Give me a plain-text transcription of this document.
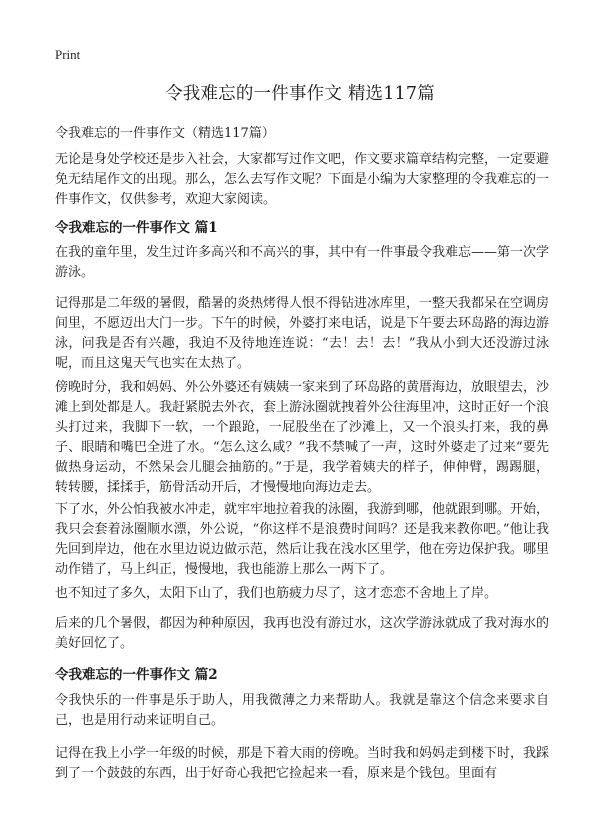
Print
令我难忘的一件事作文 精选117篇
令我难忘的一件事作文（精选117篇）

无论是身处学校还是步入社会，大家都写过作文吧，作文要求篇章结构完整，一定要避免无结尾作文的出现。那么，怎么去写作文呢？下面是小编为大家整理的令我难忘的一件事作文，仅供参考，欢迎大家阅读。

令我难忘的一件事作文 篇1

在我的童年里，发生过许多高兴和不高兴的事，其中有一件事最令我难忘——第一次学游泳。

记得那是二年级的暑假，酷暑的炎热烤得人恨不得钻进冰库里，一整天我都呆在空调房间里，不愿迈出大门一步。下午的时候，外婆打来电话，说是下午要去环岛路的海边游泳，问我是否有兴趣，我迫不及待地连连说：“去！去！去！”我从小到大还没游过泳呢，而且这鬼天气也实在太热了。

傍晚时分，我和妈妈、外公外婆还有姨姨一家来到了环岛路的黄厝海边，放眼望去，沙滩上到处都是人。我赶紧脱去外衣，套上游泳圈就拽着外公往海里冲，这时正好一个浪头打过来，我脚下一软，一个踉跄，一屁股坐在了沙滩上，又一个浪头打来，我的鼻子、眼睛和嘴巴全进了水。“怎么这么咸？”我不禁喊了一声，这时外婆走了过来“要先做热身运动，不然呆会儿腿会抽筋的。”于是，我学着姨夫的样子，伸伸臂，踢踢腿，转转腰，揉揉手，筋骨活动开后，才慢慢地向海边走去。

下了水，外公怕我被水冲走，就牢牢地拉着我的泳圈，我游到哪，他就跟到哪。开始，我只会套着泳圈顺水漂，外公说，“你这样不是浪费时间吗？还是我来教你吧。”他让我先回到岸边，他在水里边说边做示范，然后让我在浅水区里学，他在旁边保护我。哪里动作错了，马上纠正，慢慢地，我也能游上那么一两下了。

也不知过了多久，太阳下山了，我们也筋疲力尽了，这才恋恋不舍地上了岸。

后来的几个暑假，都因为种种原因，我再也没有游过水，这次学游泳就成了我对海水的美好回忆了。

令我难忘的一件事作文 篇2

令我快乐的一件事是乐于助人，用我微薄之力来帮助人。我就是靠这个信念来要求自己，也是用行动来证明自己。

记得在我上小学一年级的时候，那是下着大雨的傍晚。当时我和妈妈走到楼下时，我踩到了一个鼓鼓的东西，出于好奇心我把它捡起来一看，原来是个钱包。里面有
